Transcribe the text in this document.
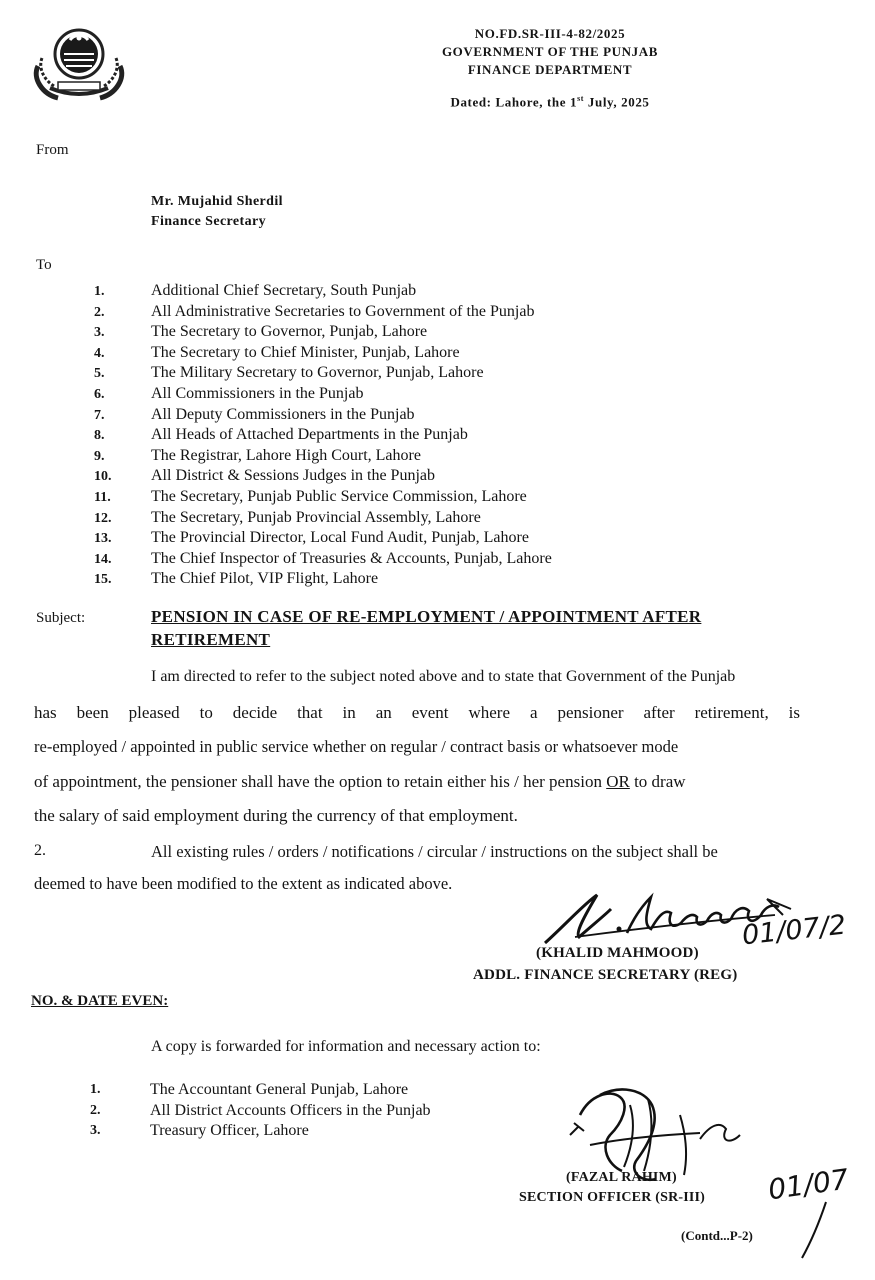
NO.FD.SR-III-4-82/2025
GOVERNMENT OF THE PUNJAB
FINANCE DEPARTMENT
Dated: Lahore, the 1st July, 2025
From
Mr. Mujahid Sherdil
Finance Secretary
To
1.
2.
3.
4.
5.
6.
7.
8.
9.
10.
11.
12.
13.
14.
15.
Additional Chief Secretary, South Punjab
All Administrative Secretaries to Government of the Punjab
The Secretary to Governor, Punjab, Lahore
The Secretary to Chief Minister, Punjab, Lahore
The Military Secretary to Governor, Punjab, Lahore
All Commissioners in the Punjab
All Deputy Commissioners in the Punjab
All Heads of Attached Departments in the Punjab
The Registrar, Lahore High Court, Lahore
All District & Sessions Judges in the Punjab
The Secretary, Punjab Public Service Commission, Lahore
The Secretary, Punjab Provincial Assembly, Lahore
The Provincial Director, Local Fund Audit, Punjab, Lahore
The Chief Inspector of Treasuries & Accounts, Punjab, Lahore
The Chief Pilot, VIP Flight, Lahore
Subject:	PENSION IN CASE OF RE-EMPLOYMENT / APPOINTMENT AFTER
RETIREMENT
I am directed to refer to the subject noted above and to state that Government of the Punjab
has been pleased to decide that in an event where a pensioner after retirement, is
re-employed / appointed in public service whether on regular / contract basis or whatsoever mode
of appointment, the pensioner shall have the option to retain either his / her pension OR to draw
the salary of said employment during the currency of that employment.
2.	All existing rules / orders / notifications / circular / instructions on the subject shall be
deemed to have been modified to the extent as indicated above.
01/07/2
(KHALID MAHMOOD)
ADDL. FINANCE SECRETARY (REG)
NO. & DATE EVEN:
A copy is forwarded for information and necessary action to:
1.
2.
3.
The Accountant General Punjab, Lahore
All District Accounts Officers in the Punjab
Treasury Officer, Lahore
(FAZAL RAHIM)
SECTION OFFICER (SR-III) 01/07
(Contd...P-2)
